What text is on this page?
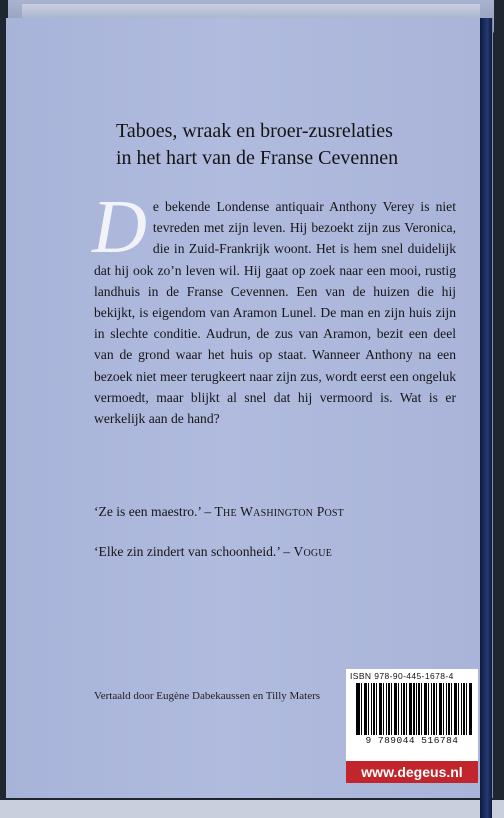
Taboes, wraak en broer-zusrelaties
in het hart van de Franse Cevennen
D e bekende Londense antiquair Anthony Verey is niet tevreden met zijn leven. Hij bezoekt zijn zus Veronica, die in Zuid-Frankrijk woont. Het is hem snel duidelijk dat hij ook zo’n leven wil. Hij gaat op zoek naar een mooi, rustig landhuis in de Franse Cevennen. Een van de huizen die hij bekijkt, is eigendom van Aramon Lunel. De man en zijn huis zijn in slechte conditie. Audrun, de zus van Aramon, bezit een deel van de grond waar het huis op staat. Wanneer Anthony na een bezoek niet meer terugkeert naar zijn zus, wordt eerst een ongeluk vermoedt, maar blijkt al snel dat hij vermoord is. Wat is er werkelijk aan de hand?
‘Ze is een maestro.’ – The Washington Post
‘Elke zin zindert van schoonheid.’ – Vogue
Vertaald door Eugène Dabekaussen en Tilly Maters
ISBN 978-90-445-1678-4
9 789044 516784
www.degeus.nl
